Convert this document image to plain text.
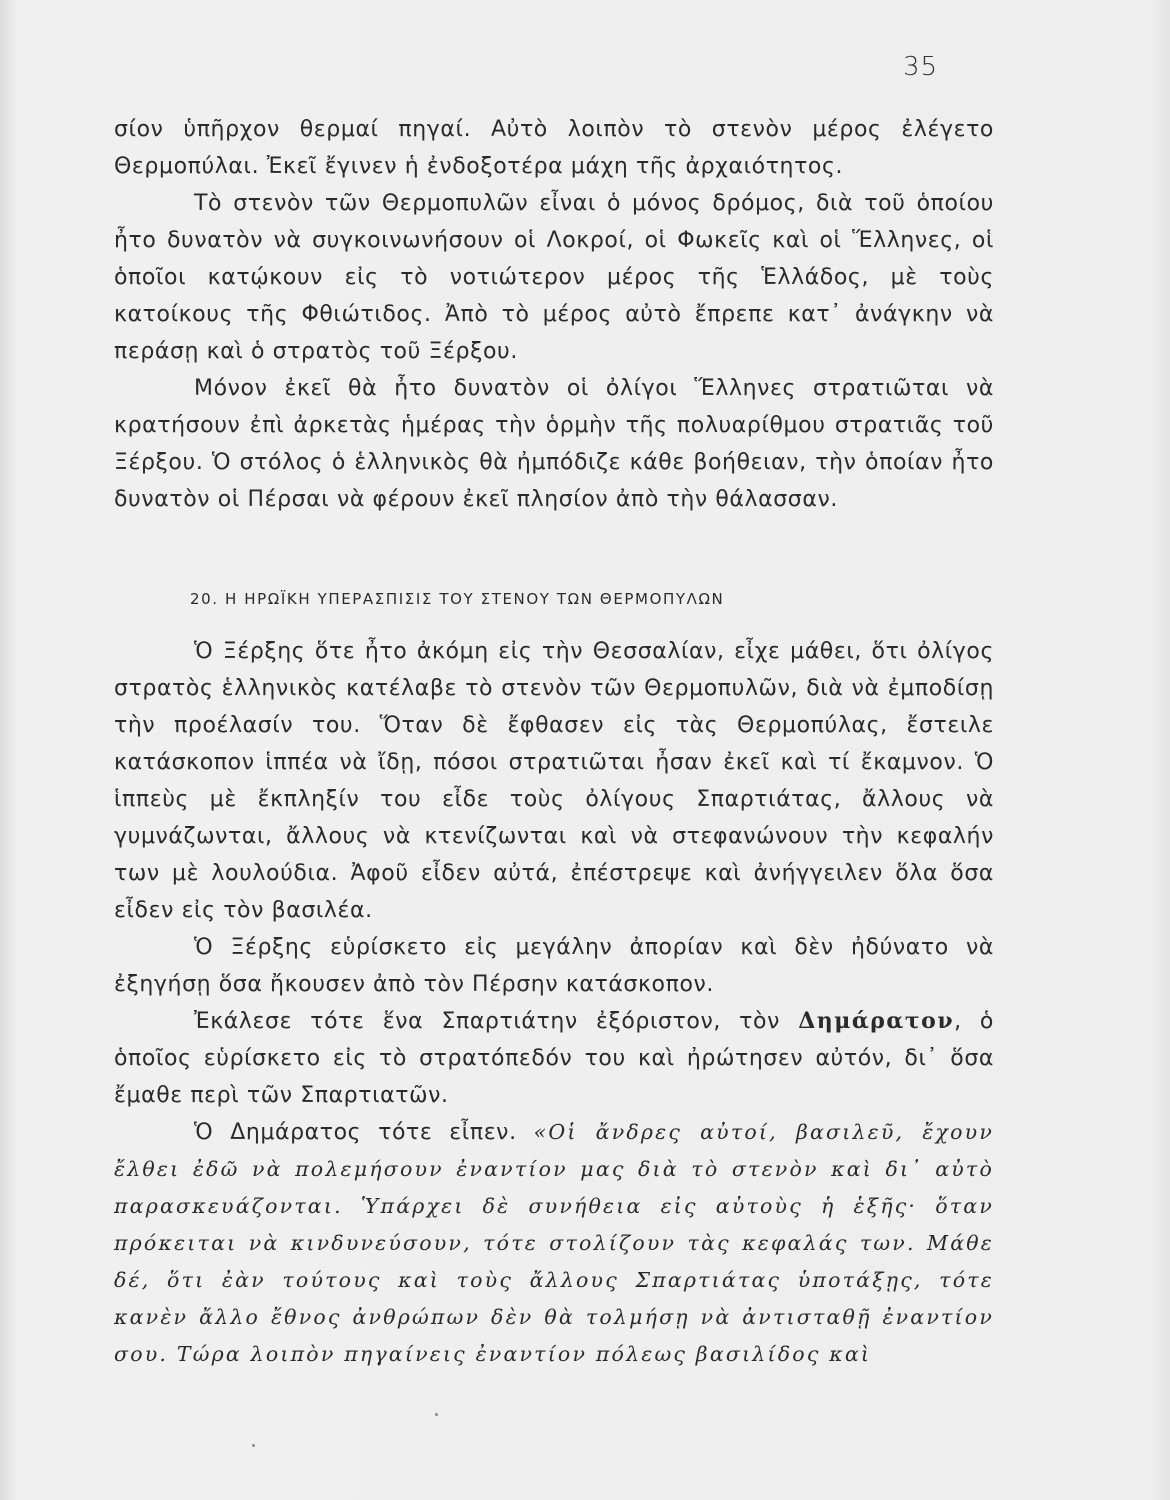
35

σίον ὑπῆρχον θερμαί πηγαί. Αὐτὸ λοιπὸν τὸ στενὸν μέρος ἐλέγετο Θερμοπύλαι. Ἐκεῖ ἔγινεν ἡ ἐνδοξοτέρα μάχη τῆς ἀρχαιότητος.

Τὸ στενὸν τῶν Θερμοπυλῶν εἶναι ὁ μόνος δρόμος, διὰ τοῦ ὁποίου ἦτο δυνατὸν νὰ συγκοινωνήσουν οἱ Λοκροί, οἱ Φωκεῖς καὶ οἱ Ἕλληνες, οἱ ὁποῖοι κατῴκουν εἰς τὸ νοτιώτερον μέρος τῆς Ἑλλάδος, μὲ τοὺς κατοίκους τῆς Φθιώτιδος. Ἀπὸ τὸ μέρος αὐτὸ ἔπρεπε κατ᾽ ἀνάγκην νὰ περάσῃ καὶ ὁ στρατὸς τοῦ Ξέρξου.

Μόνον ἐκεῖ θὰ ἦτο δυνατὸν οἱ ὀλίγοι Ἕλληνες στρατιῶται νὰ κρατήσουν ἐπὶ ἀρκετὰς ἡμέρας τὴν ὁρμὴν τῆς πολυαρίθμου στρατιᾶς τοῦ Ξέρξου. Ὁ στόλος ὁ ἑλληνικὸς θὰ ἠμπόδιζε κάθε βοήθειαν, τὴν ὁποίαν ἦτο δυνατὸν οἱ Πέρσαι νὰ φέρουν ἐκεῖ πλησίον ἀπὸ τὴν θάλασσαν.

20. Η ΗΡΩΪΚΗ ΥΠΕΡΑΣΠΙΣΙΣ ΤΟΥ ΣΤΕΝΟΥ ΤΩΝ ΘΕΡΜΟΠΥΛΩΝ

Ὁ Ξέρξης ὅτε ἦτο ἀκόμη εἰς τὴν Θεσσαλίαν, εἶχε μάθει, ὅτι ὀλίγος στρατὸς ἑλληνικὸς κατέλαβε τὸ στενὸν τῶν Θερμοπυλῶν, διὰ νὰ ἐμποδίσῃ τὴν προέλασίν του. Ὅταν δὲ ἔφθασεν εἰς τὰς Θερμοπύλας, ἔστειλε κατάσκοπον ἱππέα νὰ ἴδῃ, πόσοι στρατιῶται ἦσαν ἐκεῖ καὶ τί ἔκαμνον. Ὁ ἱππεὺς μὲ ἔκπληξίν του εἶδε τοὺς ὀλίγους Σπαρτιάτας, ἄλλους νὰ γυμνάζωνται, ἄλλους νὰ κτενίζωνται καὶ νὰ στεφανώνουν τὴν κεφαλήν των μὲ λουλούδια. Ἀφοῦ εἶδεν αὐτά, ἐπέστρεψε καὶ ἀνήγγειλεν ὅλα ὅσα εἶδεν εἰς τὸν βασιλέα.

Ὁ Ξέρξης εὑρίσκετο εἰς μεγάλην ἀπορίαν καὶ δὲν ἠδύνατο νὰ ἐξηγήσῃ ὅσα ἤκουσεν ἀπὸ τὸν Πέρσην κατάσκοπον.

Ἐκάλεσε τότε ἕνα Σπαρτιάτην ἐξόριστον, τὸν Δημάρατον, ὁ ὁποῖος εὑρίσκετο εἰς τὸ στρατόπεδόν του καὶ ἠρώτησεν αὐτόν, δι᾽ ὅσα ἔμαθε περὶ τῶν Σπαρτιατῶν.

Ὁ Δημάρατος τότε εἶπεν. «Οἱ ἄνδρες αὐτοί, βασιλεῦ, ἔχουν ἔλθει ἐδῶ νὰ πολεμήσουν ἐναντίον μας διὰ τὸ στενὸν καὶ δι᾽ αὐτὸ παρασκευάζονται. Ὑπάρχει δὲ συνήθεια εἰς αὐτοὺς ἡ ἑξῆς· ὅταν πρόκειται νὰ κινδυνεύσουν, τότε στολίζουν τὰς κεφαλάς των. Μάθε δέ, ὅτι ἐὰν τούτους καὶ τοὺς ἄλλους Σπαρτιάτας ὑποτάξῃς, τότε κανὲν ἄλλο ἔθνος ἀνθρώπων δὲν θὰ τολμήσῃ νὰ ἀντισταθῇ ἐναντίον σου. Τώρα λοιπὸν πηγαίνεις ἐναντίον πόλεως βασιλίδος καὶ
